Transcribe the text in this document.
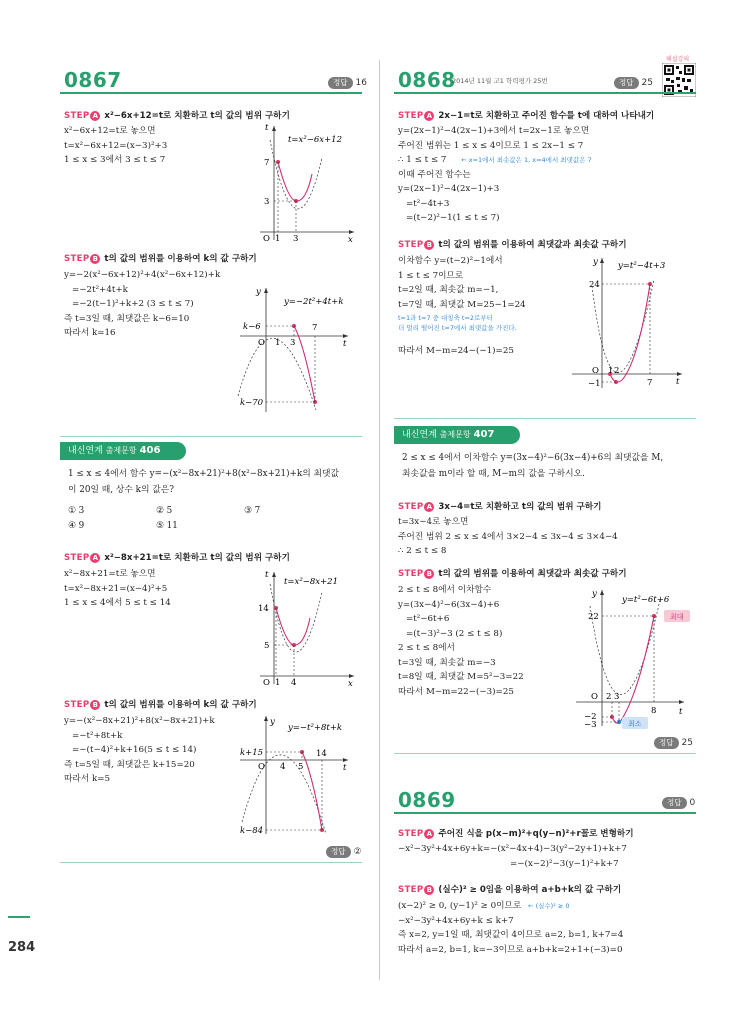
0867	정답 16
STEP A x²−6x+12=t로 치환하고 t의 값의 범위 구하기
x²−6x+12=t로 놓으면
t=x²−6x+12=(x−3)²+3
1 ≤ x ≤ 3에서 3 ≤ t ≤ 7
t=x²−6x+12
t
x
O 1 3
7
3
STEP B t의 값의 범위를 이용하여 k의 값 구하기
y=−2(x²−6x+12)²+4(x²−6x+12)+k
=−2t²+4t+k
=−2(t−1)²+k+2 (3 ≤ t ≤ 7)
즉 t=3일 때, 최댓값은 k−6=10
따라서 k=16
y=−2t²+4t+k
y
t
O 1 3
7
k−6
k−70
내신연계 출제문항 406
1 ≤ x ≤ 4에서 함수 y=−(x²−8x+21)²+8(x²−8x+21)+k의 최댓값
이 20일 때, 상수 k의 값은?
① 3	② 5	③ 7
④ 9	⑤ 11
STEP A x²−8x+21=t로 치환하고 t의 값의 범위 구하기
x²−8x+21=t로 놓으면
t=x²−8x+21=(x−4)²+5
1 ≤ x ≤ 4에서 5 ≤ t ≤ 14
t=x²−8x+21
t
x
O 1 4
14
5
STEP B t의 값의 범위를 이용하여 k의 값 구하기
y=−(x²−8x+21)²+8(x²−8x+21)+k
=−t²+8t+k
=−(t−4)²+k+16(5 ≤ t ≤ 14)
즉 t=5일 때, 최댓값은 k+15=20
따라서 k=5
y=−t²+8t+k
y
t
O 4 5
14
k+15
k−84
정답 ②
284
해설강의
0868
2014년 11월 고1 학력평가 25번	정답 25
STEP A 2x−1=t로 치환하고 주어진 함수를 t에 대하여 나타내기
y=(2x−1)²−4(2x−1)+3에서 t=2x−1로 놓으면
주어진 범위는 1 ≤ x ≤ 4이므로 1 ≤ 2x−1 ≤ 7
∴ 1 ≤ t ≤ 7 ← x=1에서 최솟값은 1, x=4에서 최댓값은 7
이때 주어진 함수는
y=(2x−1)²−4(2x−1)+3
=t²−4t+3
=(t−2)²−1(1 ≤ t ≤ 7)
STEP B t의 값의 범위를 이용하여 최댓값과 최솟값 구하기
이차함수 y=(t−2)²−1에서
1 ≤ t ≤ 7이므로
t=2일 때, 최솟값 m=−1,
t=7일 때, 최댓값 M=25−1=24
t=1과 t=7 중 대칭축 t=2로부터
더 멀리 떨어진 t=7에서 최댓값을 가진다.
따라서 M−m=24−(−1)=25
y=t²−4t+3
y
t
O 1 2
7
24
−1
내신연계 출제문항 407
2 ≤ x ≤ 4에서 이차함수 y=(3x−4)²−6(3x−4)+6의 최댓값을 M,
최솟값을 m이라 할 때, M−m의 값을 구하시오.
STEP A 3x−4=t로 치환하고 t의 값의 범위 구하기
t=3x−4로 놓으면
주어진 범위 2 ≤ x ≤ 4에서 3×2−4 ≤ 3x−4 ≤ 3×4−4
∴ 2 ≤ t ≤ 8
STEP B t의 값의 범위를 이용하여 최댓값과 최솟값 구하기
2 ≤ t ≤ 8에서 이차함수
y=(3x−4)²−6(3x−4)+6
=t²−6t+6
=(t−3)²−3 (2 ≤ t ≤ 8)
2 ≤ t ≤ 8에서
t=3일 때, 최솟값 m=−3
t=8일 때, 최댓값 M=5²−3=22
따라서 M−m=22−(−3)=25
y=t²−6t+6
y
t
O 2 3
8
22
−2
−3
최대
최소
정답 25
0869	정답 0
STEP A 주어진 식을 p(x−m)²+q(y−n)²+r꼴로 변형하기
−x²−3y²+4x+6y+k=−(x²−4x+4)−3(y²−2y+1)+k+7
=−(x−2)²−3(y−1)²+k+7
STEP B (실수)² ≥ 0임을 이용하여 a+b+k의 값 구하기
(x−2)² ≥ 0, (y−1)² ≥ 0이므로 ← (실수)² ≥ 0
−x²−3y²+4x+6y+k ≤ k+7
즉 x=2, y=1일 때, 최댓값이 4이므로 a=2, b=1, k+7=4
따라서 a=2, b=1, k=−3이므로 a+b+k=2+1+(−3)=0
